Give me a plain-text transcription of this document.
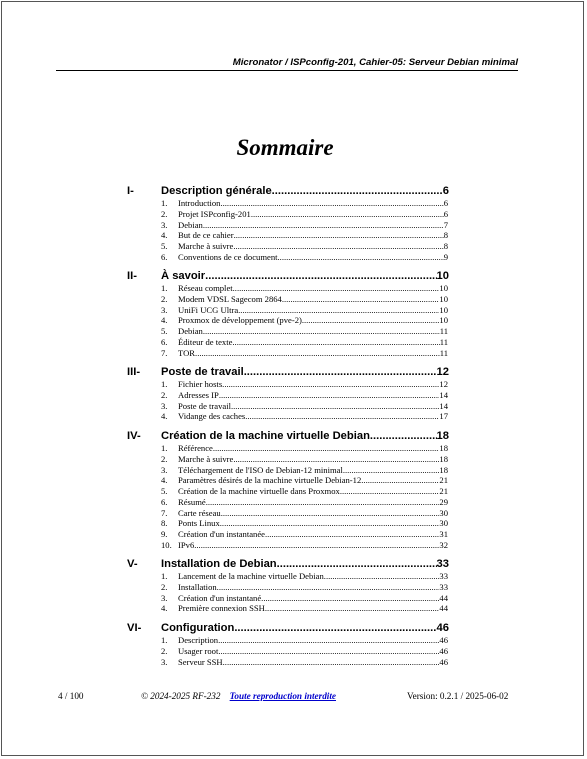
Micronator / ISPconfig-201, Cahier-05: Serveur Debian minimal
Sommaire
I- Description générale .....	6
1. Introduction .....	6
2. Projet ISPconfig-201 .....	6
3. Debian .....	7
4. But de ce cahier .....	8
5. Marche à suivre .....	8
6. Conventions de ce document .....	9
II- À savoir .....	10
1. Réseau complet .....	10
2. Modem VDSL Sagecom 2864 .....	10
3. UniFi UCG Ultra .....	10
4. Proxmox de développement (pve-2) .....	10
5. Debian .....	11
6. Éditeur de texte .....	11
7. TOR .....	11
III- Poste de travail .....	12
1. Fichier hosts .....	12
2. Adresses IP .....	14
3. Poste de travail .....	14
4. Vidange des caches .....	17
IV- Création de la machine virtuelle Debian .....	18
1. Référence .....	18
2. Marche à suivre .....	18
3. Téléchargement de l'ISO de Debian-12 minimal .....	18
4. Paramètres désirés de la machine virtuelle Debian-12 .....	21
5. Création de la machine virtuelle dans Proxmox .....	21
6. Résumé .....	29
7. Carte réseau .....	30
8. Ponts Linux .....	30
9. Création d'un instantanée .....	31
10. IPv6 .....	32
V- Installation de Debian .....	33
1. Lancement de la machine virtuelle Debian .....	33
2. Installation .....	33
3. Création d'un instantané .....	44
4. Première connexion SSH .....	44
VI- Configuration .....	46
1. Description .....	46
2. Usager root .....	46
3. Serveur SSH .....	46
4 / 100	© 2024-2025 RF-232 Toute reproduction interdite	Version: 0.2.1 / 2025-06-02
